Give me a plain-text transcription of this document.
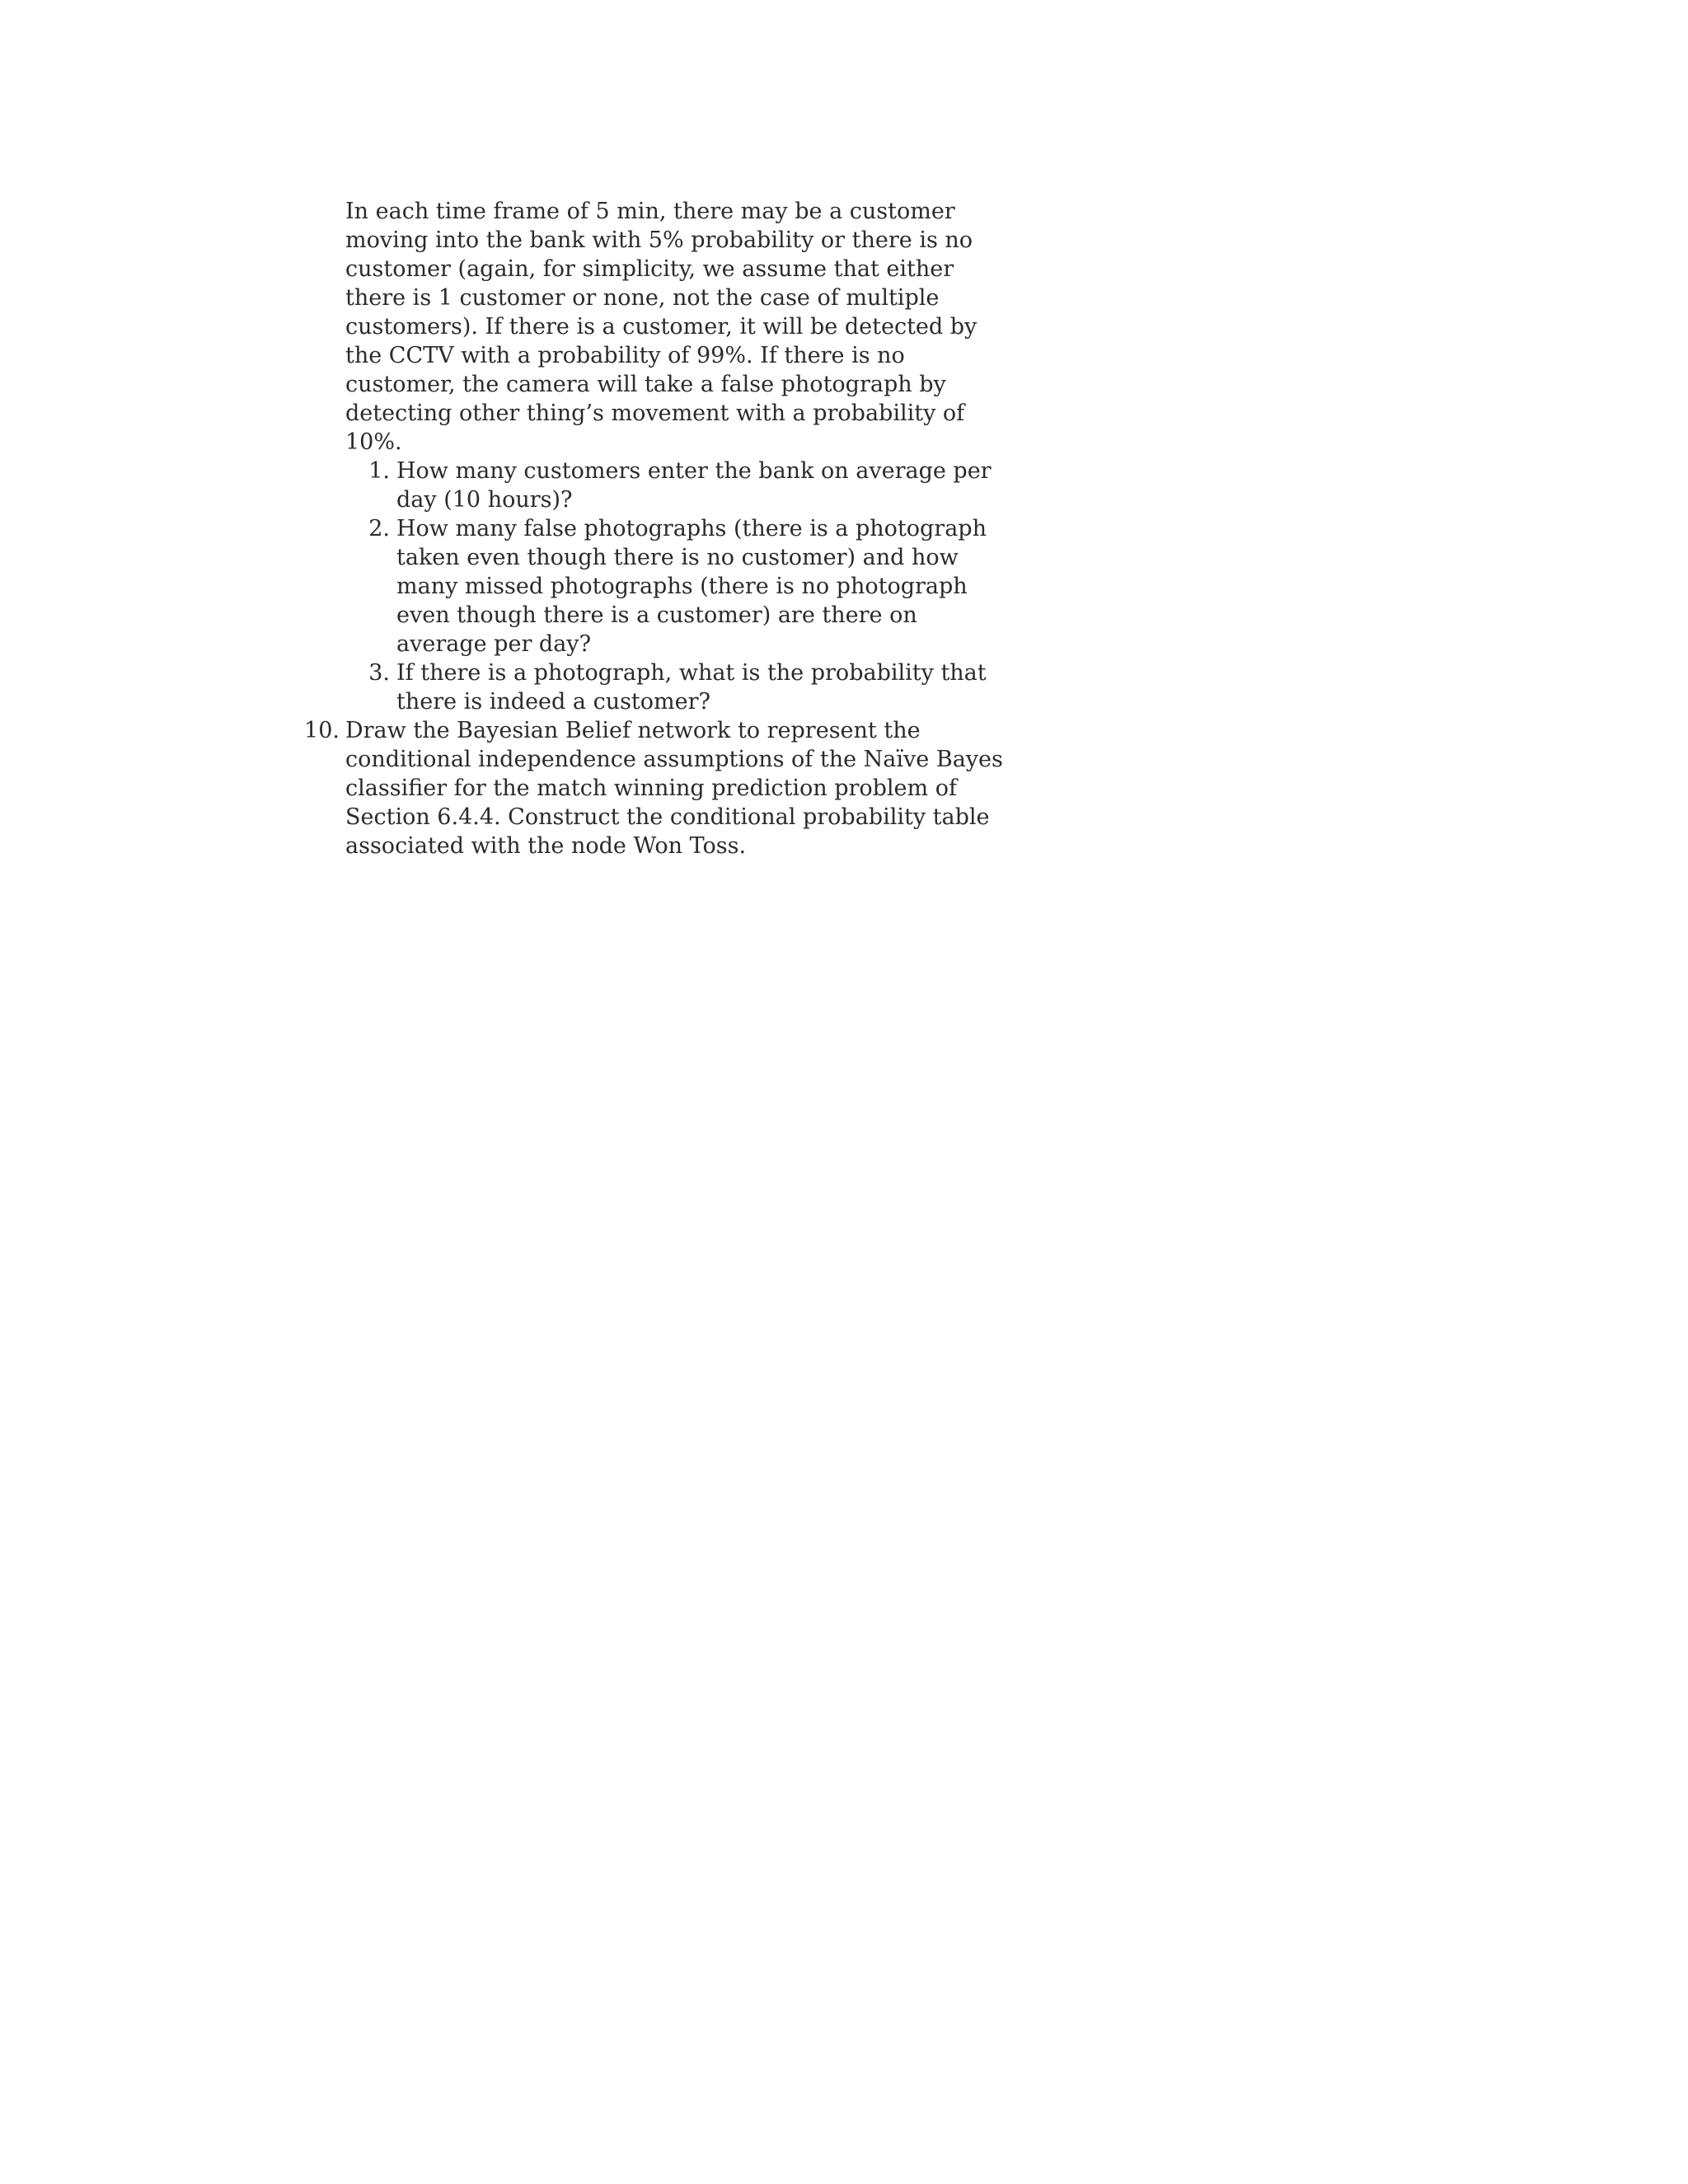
In each time frame of 5 min, there may be a customer moving into the bank with 5% probability or there is no customer (again, for simplicity, we assume that either there is 1 customer or none, not the case of multiple customers). If there is a customer, it will be detected by the CCTV with a probability of 99%. If there is no customer, the camera will take a false photograph by detecting other thing’s movement with a probability of 10%.

1. How many customers enter the bank on average per day (10 hours)?
2. How many false photographs (there is a photograph taken even though there is no customer) and how many missed photographs (there is no photograph even though there is a customer) are there on average per day?
3. If there is a photograph, what is the probability that there is indeed a customer?
10. Draw the Bayesian Belief network to represent the conditional independence assumptions of the Naïve Bayes classifier for the match winning prediction problem of Section 6.4.4. Construct the conditional probability table associated with the node Won Toss.
